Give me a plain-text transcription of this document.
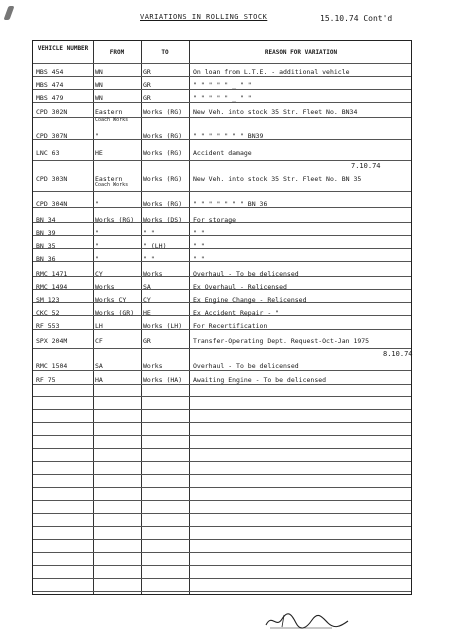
VARIATIONS IN ROLLING STOCK	15.10.74 Cont'd
VEHICLE NUMBER
FROM	TO	REASON FOR VARIATION
MBS 454	WN	GR	On loan from L.T.E. - additional vehicle
MBS 474	WN	GR	" " " " " _ " "
MBS 479	WN	GR	" " " " " _ " "
CPD 302N	Eastern	Works (RG)	New Veh. into stock 35 Str. Fleet No. BN34
CPD 307N	"	Works (RG)	" " " " " " " BN39
LNC 63	HE	Works (RG)	Accident damage
CPD 303N	Eastern	Works (RG)	New Veh. into stock 35 Str. Fleet No. BN 35
CPD 304N	"	Works (RG)	" " " " " " " BN 36
BN 34	Works (RG)	Works (DS)	For storage
BN 39	"	" "	" "
BN 35	"	" (LH)	" "
BN 36	"	" "	" "
RMC 1471	CY	Works	Overhaul - To be delicensed
RMC 1494	Works	SA	Ex Overhaul - Relicensed
SM 123	Works CY	CY	Ex Engine Change - Relicensed
CKC 52	Works (GR)	HE	Ex Accident Repair - "
RF 553	LH	Works (LH)	For Recertification
SPX 204M	CF	GR	Transfer-Operating Dept. Request-Oct-Jan 1975
RMC 1504	SA	Works	Overhaul - To be delicensed
RF 75	HA	Works (HA)	Awaiting Engine - To be delicensed
Coach Works
Coach Works
7.10.74
8.10.74
